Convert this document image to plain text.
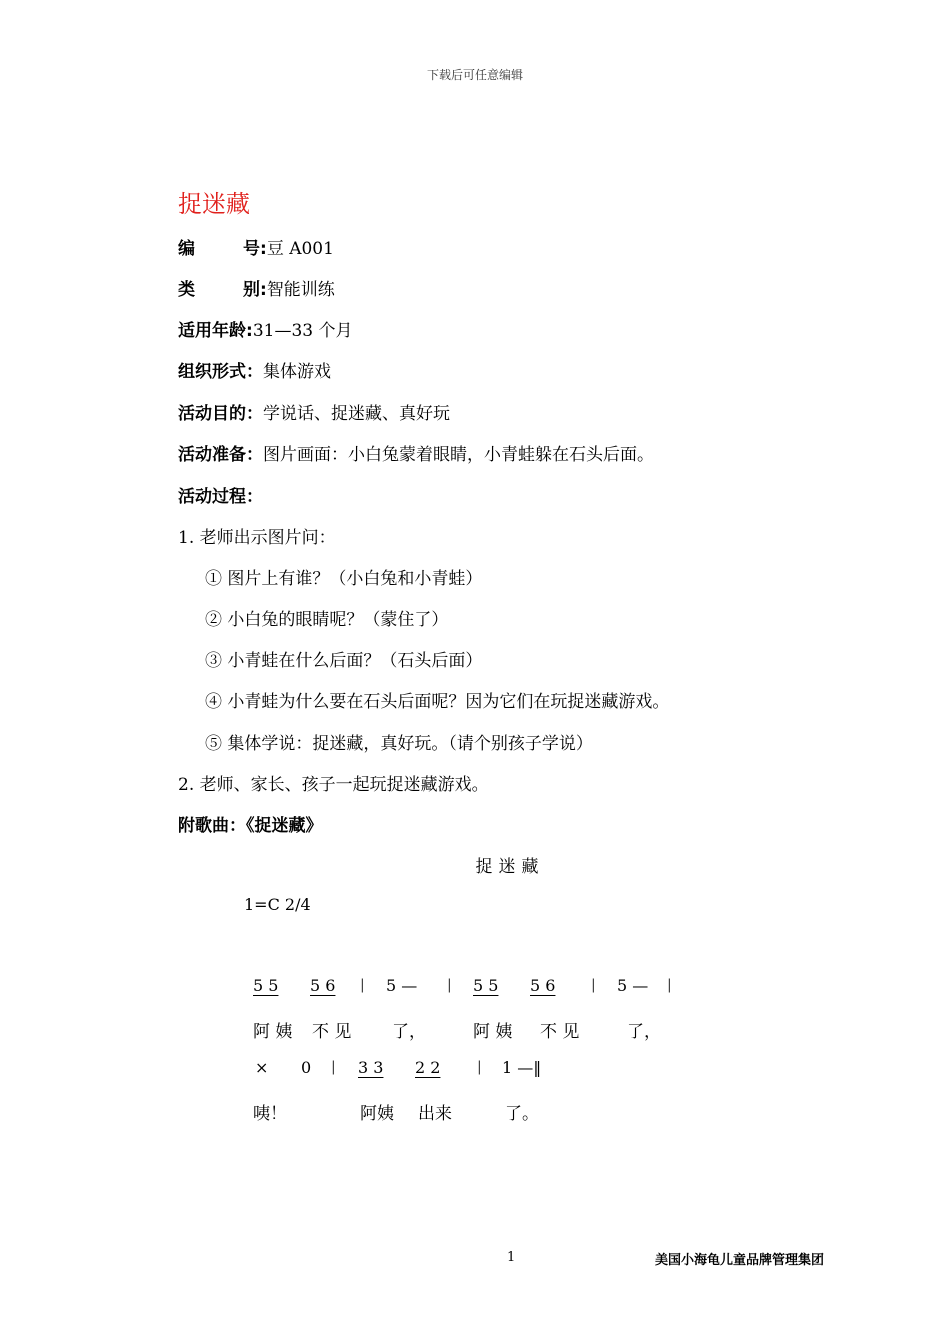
下载后可任意编辑
捉迷藏
编	号 :豆 A001
类	别 :智能训练
适用年龄:31—33 个月
组织形式：集体游戏
活动目的：学说话、捉迷藏、真好玩
活动准备：图片画面：小白兔蒙着眼睛，小青蛙躲在石头后面。
活动过程：
1. 老师出示图片问：
① 图片上有谁？（小白兔和小青蛙）
② 小白兔的眼睛呢？（蒙住了）
③ 小青蛙在什么后面？（石头后面）
④ 小青蛙为什么要在石头后面呢？因为它们在玩捉迷藏游戏。
⑤ 集体学说：捉迷藏，真好玩。（请个别孩子学说）
2. 老师、家长、孩子一起玩捉迷藏游戏。
附歌曲：《捉迷藏》
捉迷藏
1=C 2/4
5 5 5 6 | 5 — | 5 5 5 6	| 5 — |
阿 姨 不 见 了，	阿 姨 不 见	了，
× 0 | 3 3 2 2	| 1 —‖
咦！	阿姨 出来	了。
1	美国小海龟儿童品牌管理集团
